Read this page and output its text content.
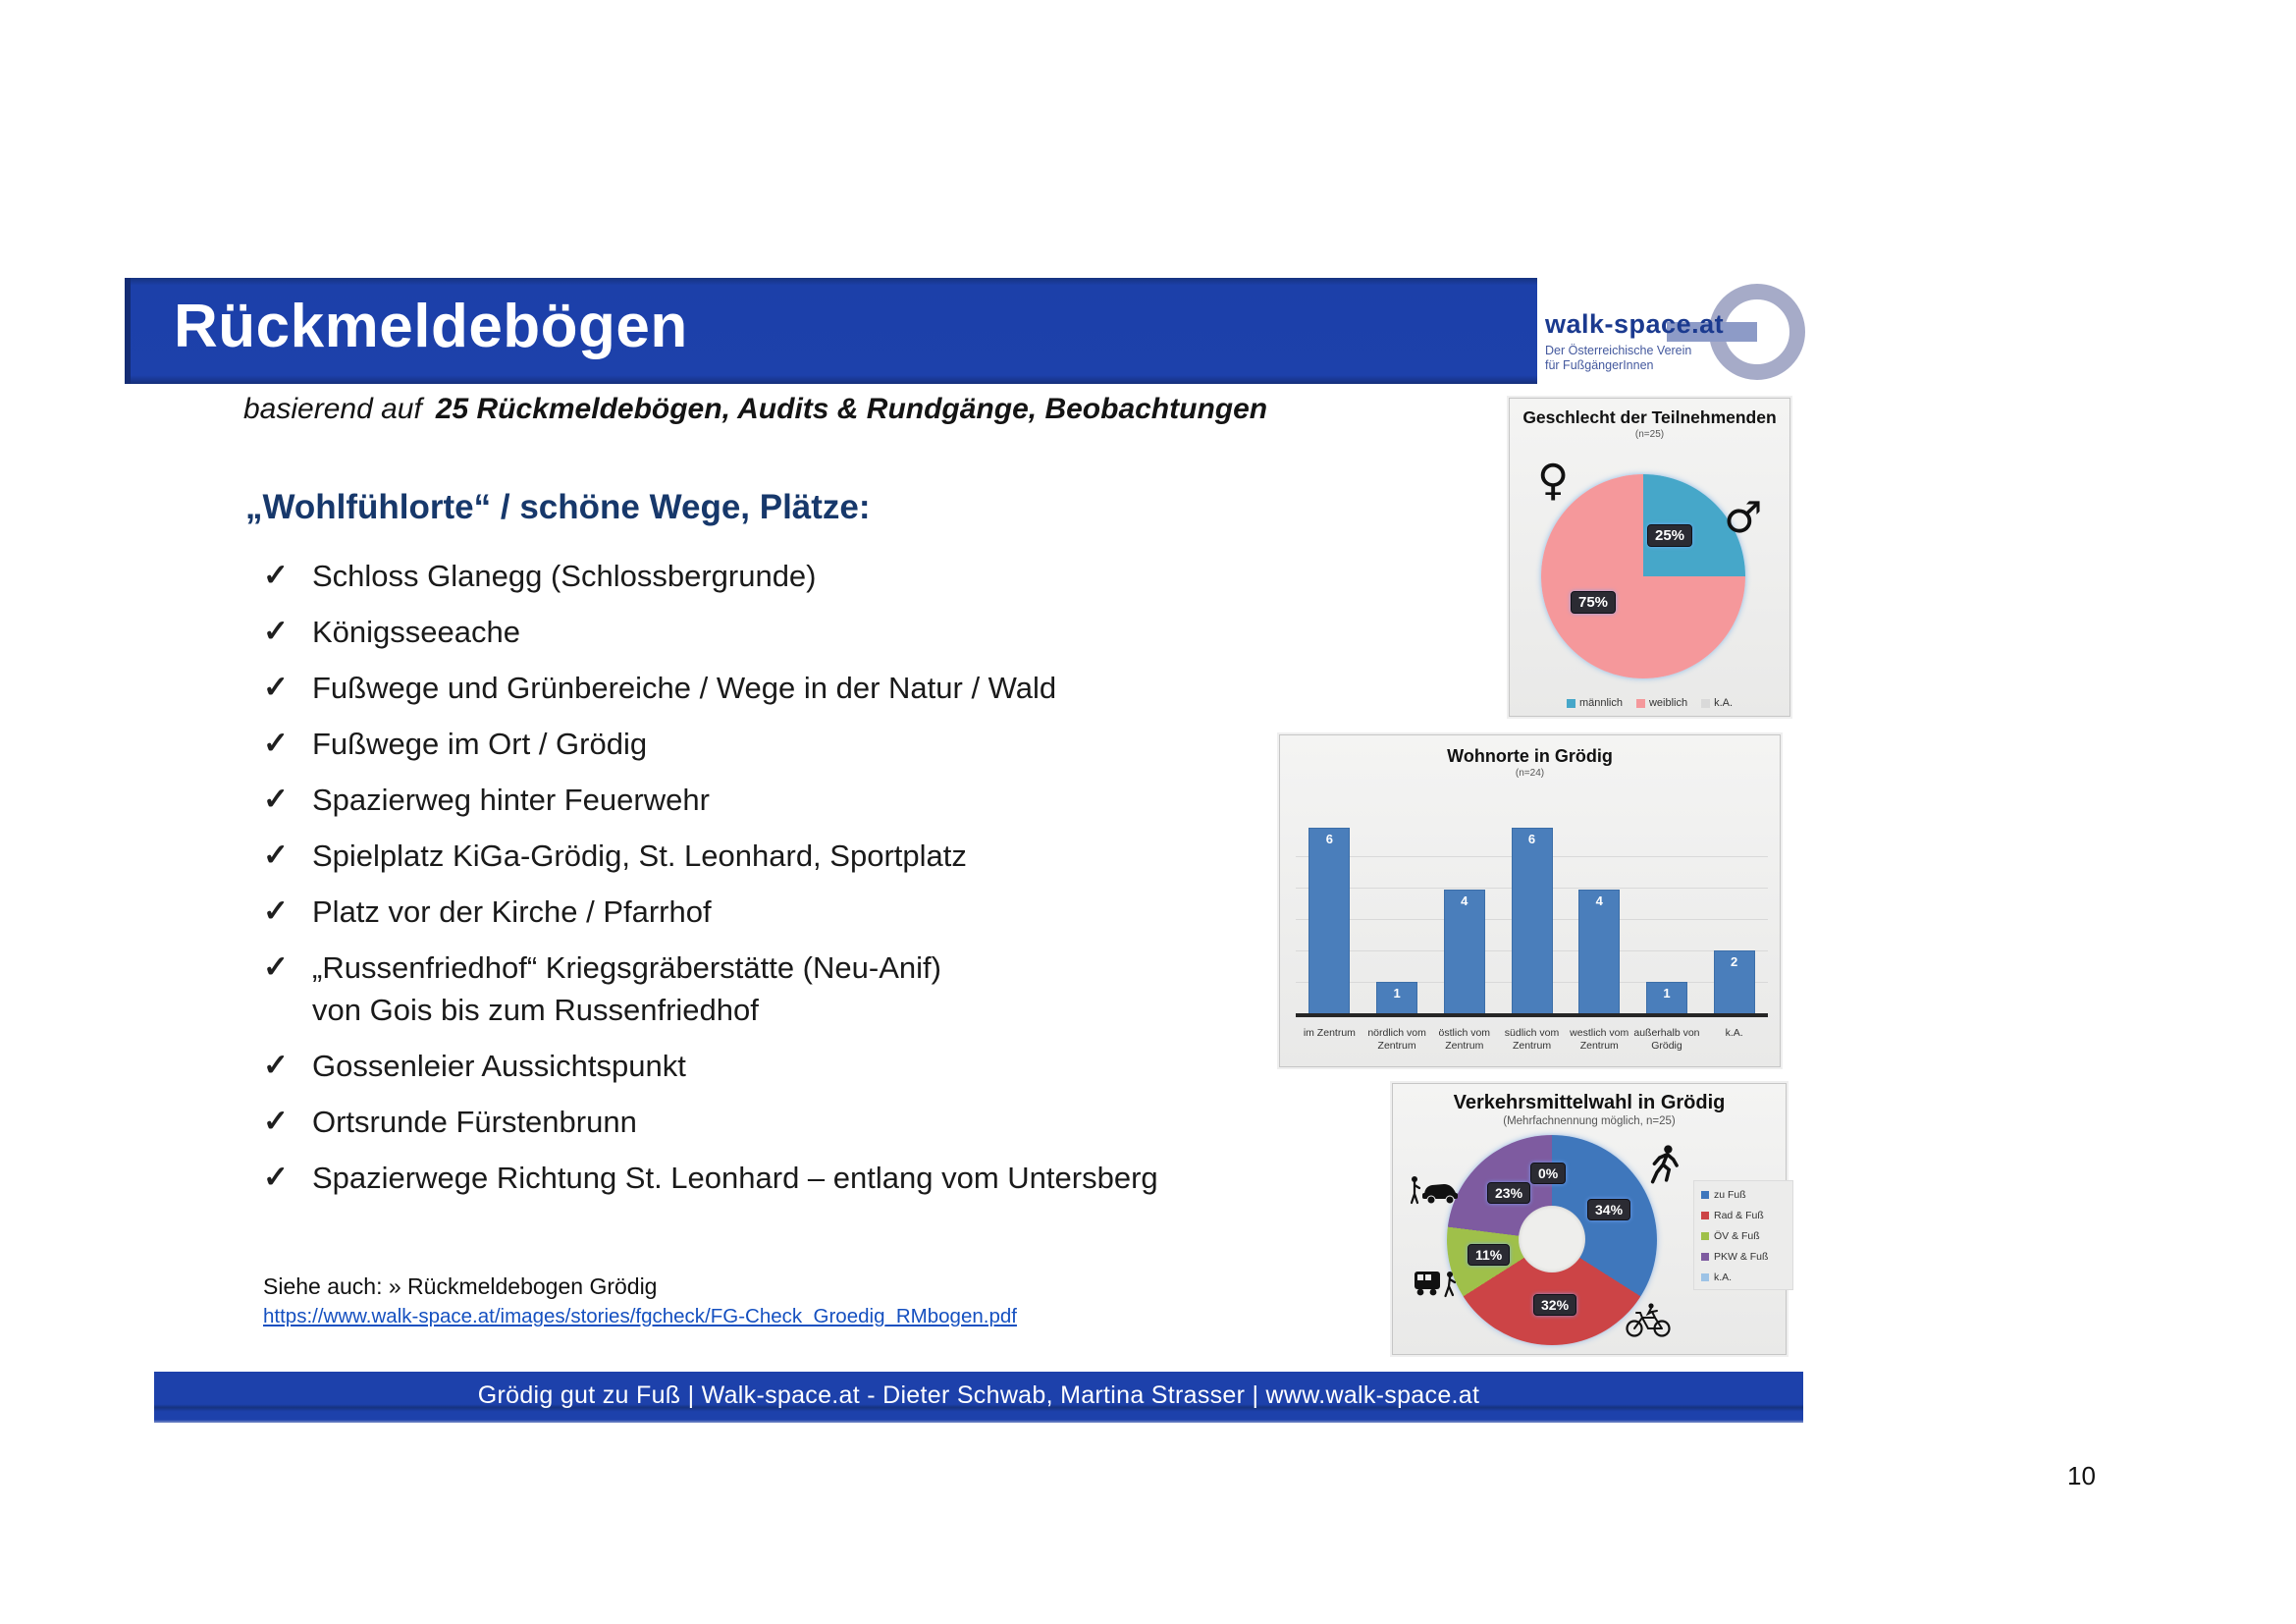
Rückmeldebögen	walk-space.at
Der Österreichische Verein
für FußgängerInnen
basierend auf 25 Rückmeldebögen, Audits & Rundgänge, Beobachtungen
„Wohlfühlorte“ / schöne Wege, Plätze:
✓ Schloss Glanegg (Schlossbergrunde)
✓ Königsseeache
✓ Fußwege und Grünbereiche / Wege in der Natur / Wald
✓ Fußwege im Ort / Grödig
✓ Spazierweg hinter Feuerwehr
✓ Spielplatz KiGa-Grödig, St. Leonhard, Sportplatz
✓ Platz vor der Kirche / Pfarrhof
✓ „Russenfriedhof“ Kriegsgräberstätte (Neu-Anif)
von Gois bis zum Russenfriedhof
✓ Gossenleier Aussichtspunkt
✓ Ortsrunde Fürstenbrunn
✓ Spazierwege Richtung St. Leonhard – entlang vom Untersberg
Siehe auch: » Rückmeldebogen Grödig
https://www.walk-space.at/images/stories/fgcheck/FG-Check_Groedig_RMbogen.pdf
Geschlecht der Teilnehmenden
(n=25)
♀
♂
25%
75%
männlich weiblich k.A.
Wohnorte in Grödig
(n=24)
6
1
4
6
4
1
2
im Zentrum	nördlich vom
Zentrum
östlich vom
Zentrum
südlich vom
Zentrum
westlich vom
Zentrum
außerhalb von
Grödig
k.A.
Verkehrsmittelwahl in Grödig
(Mehrfachnennung möglich, n=25)
0%
34%
32%
11%
23%	zu Fuß
Rad & Fuß
ÖV & Fuß
PKW & Fuß
k.A.
Grödig gut zu Fuß | Walk-space.at - Dieter Schwab, Martina Strasser | www.walk-space.at
10
